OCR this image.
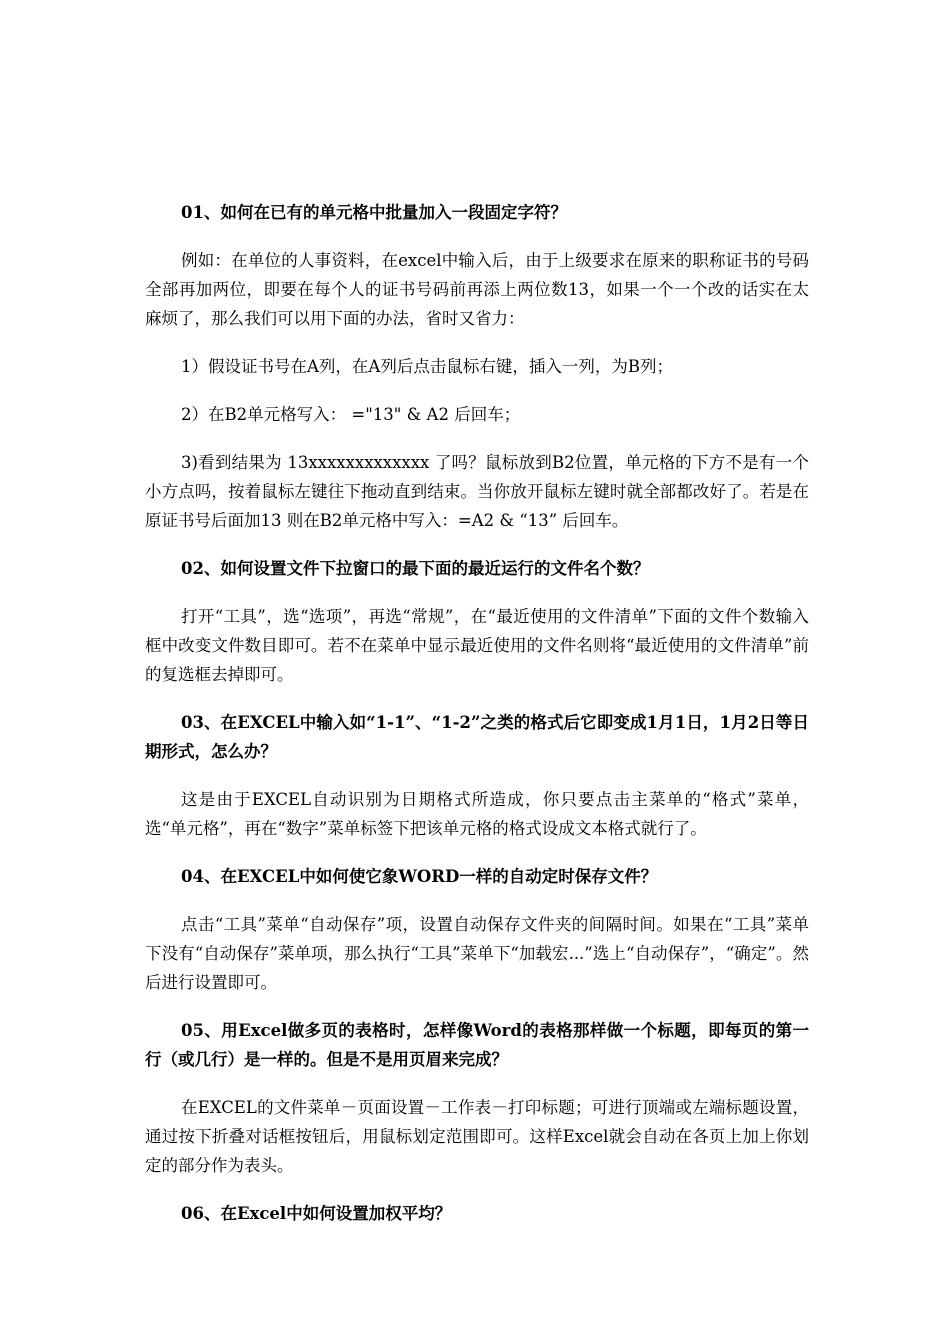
01、如何在已有的单元格中批量加入一段固定字符？

例如：在单位的人事资料，在excel中输入后，由于上级要求在原来的职称证书的号码全部再加两位，即要在每个人的证书号码前再添上两位数13，如果一个一个改的话实在太麻烦了，那么我们可以用下面的办法，省时又省力：

1）假设证书号在A列，在A列后点击鼠标右键，插入一列，为B列；

2）在B2单元格写入： ="13" & A2 后回车；

3)看到结果为 13xxxxxxxxxxxxx 了吗？鼠标放到B2位置，单元格的下方不是有一个小方点吗，按着鼠标左键往下拖动直到结束。当你放开鼠标左键时就全部都改好了。若是在原证书号后面加13 则在B2单元格中写入：=A2 & “13” 后回车。

02、如何设置文件下拉窗口的最下面的最近运行的文件名个数？

打开“工具”，选“选项”，再选“常规”，在“最近使用的文件清单”下面的文件个数输入框中改变文件数目即可。若不在菜单中显示最近使用的文件名则将“最近使用的文件清单”前的复选框去掉即可。

03、在EXCEL中输入如“1-1”、“1-2”之类的格式后它即变成1月1日，1月2日等日期形式，怎么办？

这是由于EXCEL自动识别为日期格式所造成，你只要点击主菜单的“格式”菜单，选“单元格”，再在“数字”菜单标签下把该单元格的格式设成文本格式就行了。

04、在EXCEL中如何使它象WORD一样的自动定时保存文件？

点击“工具”菜单“自动保存”项，设置自动保存文件夹的间隔时间。如果在“工具”菜单下没有“自动保存”菜单项，那么执行“工具”菜单下“加载宏...”选上“自动保存”，“确定”。然后进行设置即可。

05、用Excel做多页的表格时，怎样像Word的表格那样做一个标题，即每页的第一行（或几行）是一样的。但是不是用页眉来完成？

在EXCEL的文件菜单－页面设置－工作表－打印标题；可进行顶端或左端标题设置，通过按下折叠对话框按钮后，用鼠标划定范围即可。这样Excel就会自动在各页上加上你划定的部分作为表头。

06、在Excel中如何设置加权平均？
